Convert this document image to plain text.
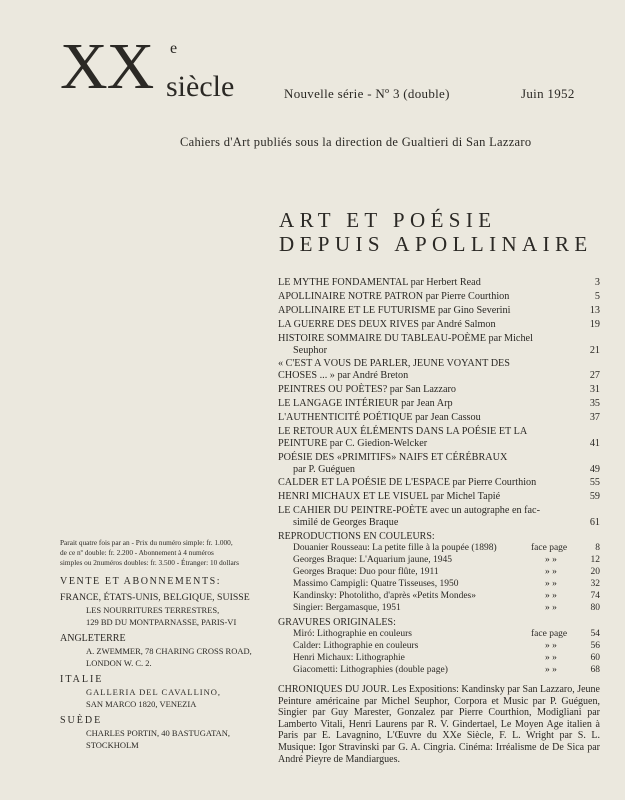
XX e
siècle	Nouvelle série - Nº 3 (double)	Juin 1952
Cahiers d'Art publiés sous la direction de Gualtieri di San Lazzaro
ART ET POÉSIE
DEPUIS APOLLINAIRE
LE MYTHE FONDAMENTAL par Herbert Read	3
APOLLINAIRE NOTRE PATRON par Pierre Courthion	5
APOLLINAIRE ET LE FUTURISME par Gino Severini	13
LA GUERRE DES DEUX RIVES par André Salmon	19
HISTOIRE SOMMAIRE DU TABLEAU-POÈME par Michel
Seuphor	21
« C'EST A VOUS DE PARLER, JEUNE VOYANT DES
CHOSES ... » par André Breton	27
PEINTRES OU POÈTES? par San Lazzaro	31
LE LANGAGE INTÉRIEUR par Jean Arp	35
L'AUTHENTICITÉ POÉTIQUE par Jean Cassou	37
LE RETOUR AUX ÉLÉMENTS DANS LA POÉSIE ET LA
PEINTURE par C. Giedion-Welcker	41
POÉSIE DES «PRIMITIFS» NAIFS ET CÉRÉBRAUX
par P. Guéguen	49
CALDER ET LA POÉSIE DE L'ESPACE par Pierre Courthion	55
HENRI MICHAUX ET LE VISUEL par Michel Tapié	59
LE CAHIER DU PEINTRE-POÈTE avec un autographe en fac-
similé de Georges Braque	61
REPRODUCTIONS EN COULEURS:
Douanier Rousseau: La petite fille à la poupée (1898)	face page	8
Georges Braque: L'Aquarium jaune, 1945	» »	12
Georges Braque: Duo pour flûte, 1911	» »	20
Massimo Campigli: Quatre Tisseuses, 1950	» »	32
Kandinsky: Photolitho, d'après «Petits Mondes»	» »	74
Singier: Bergamasque, 1951	» »	80
GRAVURES ORIGINALES:
Miró: Lithographie en couleurs	face page 54
Calder: Lithographie en couleurs	» »	56
Henri Michaux: Lithographie	» »	60
Giacometti: Lithographies (double page)	» »	68
CHRONIQUES DU JOUR. Les Expositions: Kandinsky par San Lazzaro, Jeune Peinture américaine par Michel Seuphor, Corpora et Music par P. Guéguen, Singier par Guy Marester, Gonzalez par Pierre Courthion, Modigliani par Lamberto Vitali, Henri Laurens par R. V. Gindertael, Le Moyen Age italien à Paris par E. Lavagnino, L'Œuvre du XXe Siècle, F. L. Wright par S. L. Musique: Igor Stravinski par G. A. Cingria. Cinéma: Irréalisme de De Sica par André Pieyre de Mandiargues.
Parait quatre fois par an - Prix du numéro simple: fr. 1.000,
de ce nº double: fr. 2.200 - Abonnement à 4 numéros
simples ou 2numéros doubles: fr. 3.500 - Étranger: 10 dollars
VENTE ET ABONNEMENTS:
FRANCE, ÉTATS-UNIS, BELGIQUE, SUISSE
LES NOURRITURES TERRESTRES,
129 BD DU MONTPARNASSE, PARIS-VI
ANGLETERRE
A. ZWEMMER, 78 CHARING CROSS ROAD,
LONDON W. C. 2.
ITALIE
GALLERIA DEL CAVALLINO,
SAN MARCO 1820, VENEZIA
SUÈDE
CHARLES PORTIN, 40 BASTUGATAN,
STOCKHOLM
